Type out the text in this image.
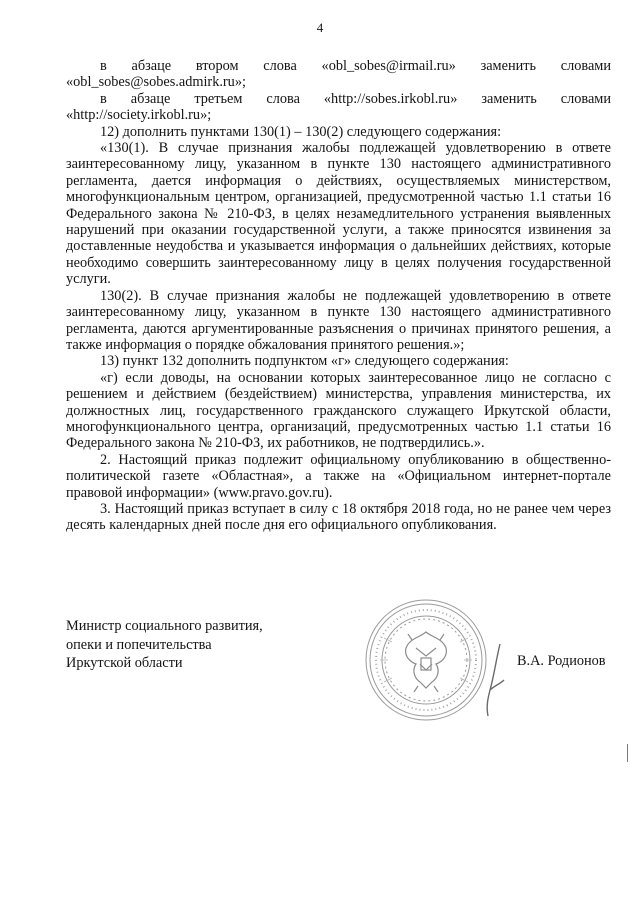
4

в абзаце втором слова «obl_sobes@irmail.ru» заменить словами «obl_sobes@sobes.admirk.ru»;

в абзаце третьем слова «http://sobes.irkobl.ru» заменить словами «http://society.irkobl.ru»;

12) дополнить пунктами 130(1) – 130(2) следующего содержания:

«130(1). В случае признания жалобы подлежащей удовлетворению в ответе заинтересованному лицу, указанном в пункте 130 настоящего административного регламента, дается информация о действиях, осуществляемых министерством, многофункциональным центром, организацией, предусмотренной частью 1.1 статьи 16 Федерального закона № 210-ФЗ, в целях незамедлительного устранения выявленных нарушений при оказании государственной услуги, а также приносятся извинения за доставленные неудобства и указывается информация о дальнейших действиях, которые необходимо совершить заинтересованному лицу в целях получения государственной услуги.

130(2). В случае признания жалобы не подлежащей удовлетворению в ответе заинтересованному лицу, указанном в пункте 130 настоящего административного регламента, даются аргументированные разъяснения о причинах принятого решения, а также информация о порядке обжалования принятого решения.»;

13) пункт 132 дополнить подпунктом «г» следующего содержания:

«г) если доводы, на основании которых заинтересованное лицо не согласно с решением и действием (бездействием) министерства, управления министерства, их должностных лиц, государственного гражданского служащего Иркутской области, многофункционального центра, организаций, предусмотренных частью 1.1 статьи 16 Федерального закона № 210-ФЗ, их работников, не подтвердились.».

2. Настоящий приказ подлежит официальному опубликованию в общественно-политической газете «Областная», а также на «Официальном интернет-портале правовой информации» (www.pravo.gov.ru).

3. Настоящий приказ вступает в силу с 18 октября 2018 года, но не ранее чем через десять календарных дней после дня его официального опубликования.

Министр социального развития,
опеки и попечительства
Иркутской области	В.А. Родионов
